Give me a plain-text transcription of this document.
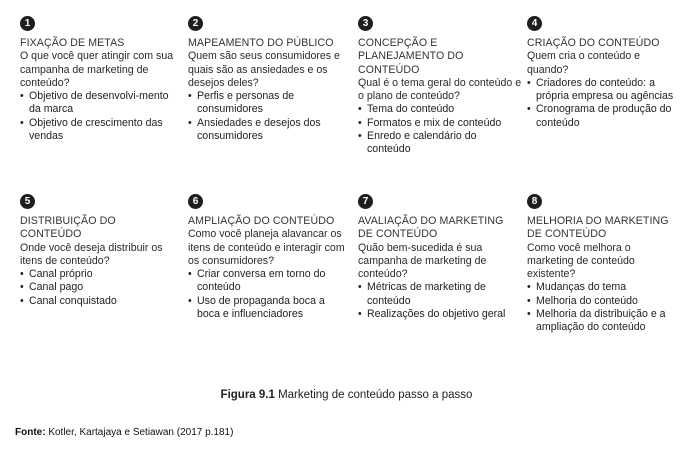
1
FIXAÇÃO DE METAS
O que você quer atingir com sua campanha de marketing de conteúdo?
• Objetivo de desenvolvi-mento da marca
• Objetivo de crescimento das vendas
2
MAPEAMENTO DO PÚBLICO
Quem são seus consumidores e quais são as ansiedades e os desejos deles?
• Perfis e personas de consumidores
• Ansiedades e desejos dos consumidores
3
CONCEPÇÃO E PLANEJAMENTO DO CONTEÚDO
Qual é o tema geral do conteúdo e o plano de conteúdo?
• Tema do conteúdo
• Formatos e mix de conteúdo
• Enredo e calendário do conteúdo
4
CRIAÇÃO DO CONTEÚDO
Quem cria o conteúdo e quando?
• Criadores do conteúdo: a própria empresa ou agências
• Cronograma de produção do conteúdo
5
DISTRIBUIÇÃO DO CONTEÚDO
Onde você deseja distribuir os itens de conteúdo?
• Canal próprio
• Canal pago
• Canal conquistado
6
AMPLIAÇÃO DO CONTEÚDO
Como você planeja alavancar os itens de conteúdo e interagir com os consumidores?
• Criar conversa em torno do conteúdo
• Uso de propaganda boca a boca e influenciadores
7
AVALIAÇÃO DO MARKETING DE CONTEÚDO
Quão bem-sucedida é sua campanha de marketing de conteúdo?
• Métricas de marketing de conteúdo
• Realizações do objetivo geral
8
MELHORIA DO MARKETING DE CONTEÚDO
Como você melhora o marketing de conteúdo existente?
• Mudanças do tema
• Melhoria do conteúdo
• Melhoria da distribuição e a ampliação do conteúdo
Figura 9.1 Marketing de conteúdo passo a passo
Fonte: Kotler, Kartajaya e Setiawan (2017 p.181)
